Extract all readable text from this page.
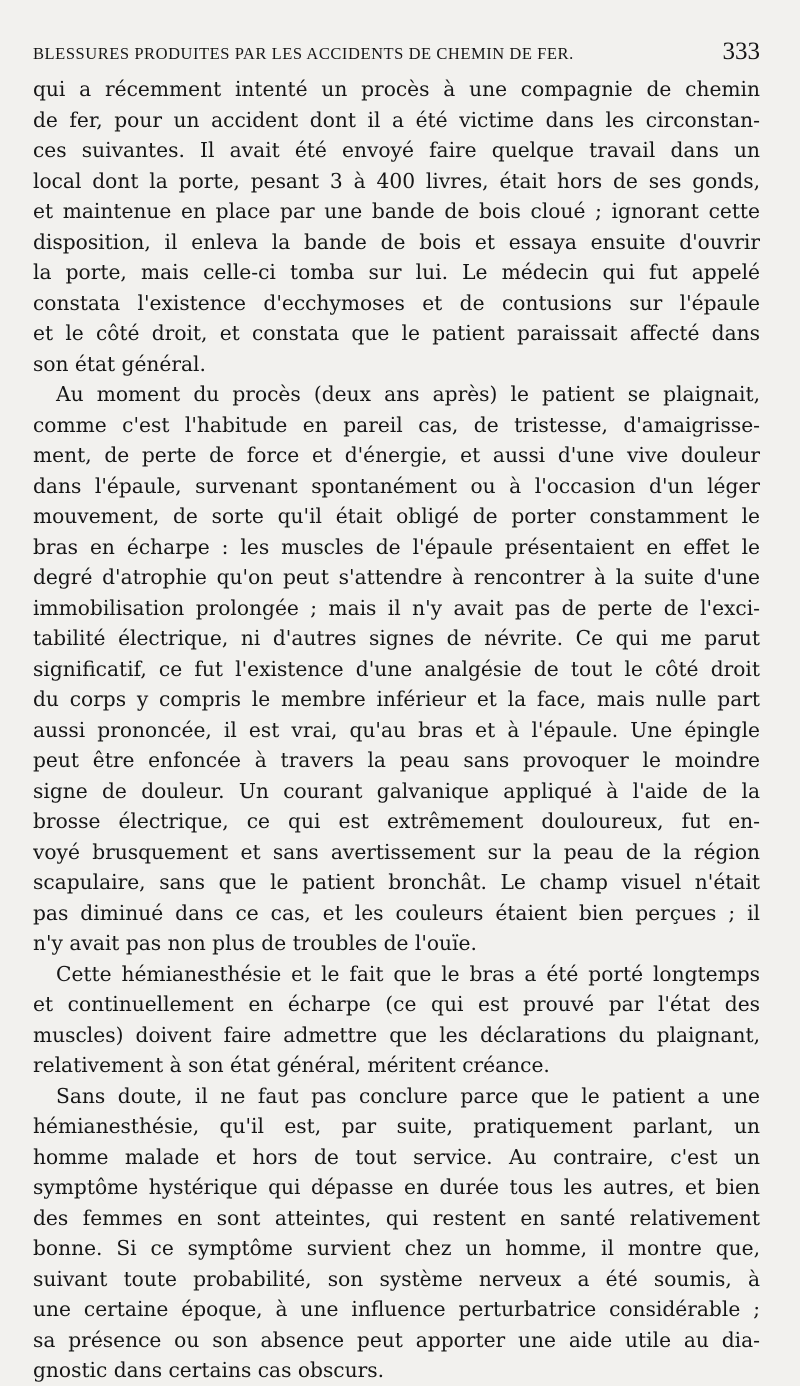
BLESSURES PRODUITES PAR LES ACCIDENTS DE CHEMIN DE FER.	333
qui a récemment intenté un procès à une compagnie de chemin
de fer, pour un accident dont il a été victime dans les circonstan-
ces suivantes. Il avait été envoyé faire quelque travail dans un
local dont la porte, pesant 3 à 400 livres, était hors de ses gonds,
et maintenue en place par une bande de bois cloué ; ignorant cette
disposition, il enleva la bande de bois et essaya ensuite d'ouvrir
la porte, mais celle-ci tomba sur lui. Le médecin qui fut appelé
constata l'existence d'ecchymoses et de contusions sur l'épaule
et le côté droit, et constata que le patient paraissait affecté dans
son état général.
Au moment du procès (deux ans après) le patient se plaignait,
comme c'est l'habitude en pareil cas, de tristesse, d'amaigrisse-
ment, de perte de force et d'énergie, et aussi d'une vive douleur
dans l'épaule, survenant spontanément ou à l'occasion d'un léger
mouvement, de sorte qu'il était obligé de porter constamment le
bras en écharpe : les muscles de l'épaule présentaient en effet le
degré d'atrophie qu'on peut s'attendre à rencontrer à la suite d'une
immobilisation prolongée ; mais il n'y avait pas de perte de l'exci-
tabilité électrique, ni d'autres signes de névrite. Ce qui me parut
significatif, ce fut l'existence d'une analgésie de tout le côté droit
du corps y compris le membre inférieur et la face, mais nulle part
aussi prononcée, il est vrai, qu'au bras et à l'épaule. Une épingle
peut être enfoncée à travers la peau sans provoquer le moindre
signe de douleur. Un courant galvanique appliqué à l'aide de la
brosse électrique, ce qui est extrêmement douloureux, fut en-
voyé brusquement et sans avertissement sur la peau de la région
scapulaire, sans que le patient bronchât. Le champ visuel n'était
pas diminué dans ce cas, et les couleurs étaient bien perçues ; il
n'y avait pas non plus de troubles de l'ouïe.
Cette hémianesthésie et le fait que le bras a été porté longtemps
et continuellement en écharpe (ce qui est prouvé par l'état des
muscles) doivent faire admettre que les déclarations du plaignant,
relativement à son état général, méritent créance.
Sans doute, il ne faut pas conclure parce que le patient a une
hémianesthésie, qu'il est, par suite, pratiquement parlant, un
homme malade et hors de tout service. Au contraire, c'est un
symptôme hystérique qui dépasse en durée tous les autres, et bien
des femmes en sont atteintes, qui restent en santé relativement
bonne. Si ce symptôme survient chez un homme, il montre que,
suivant toute probabilité, son système nerveux a été soumis, à
une certaine époque, à une influence perturbatrice considérable ;
sa présence ou son absence peut apporter une aide utile au dia-
gnostic dans certains cas obscurs.
